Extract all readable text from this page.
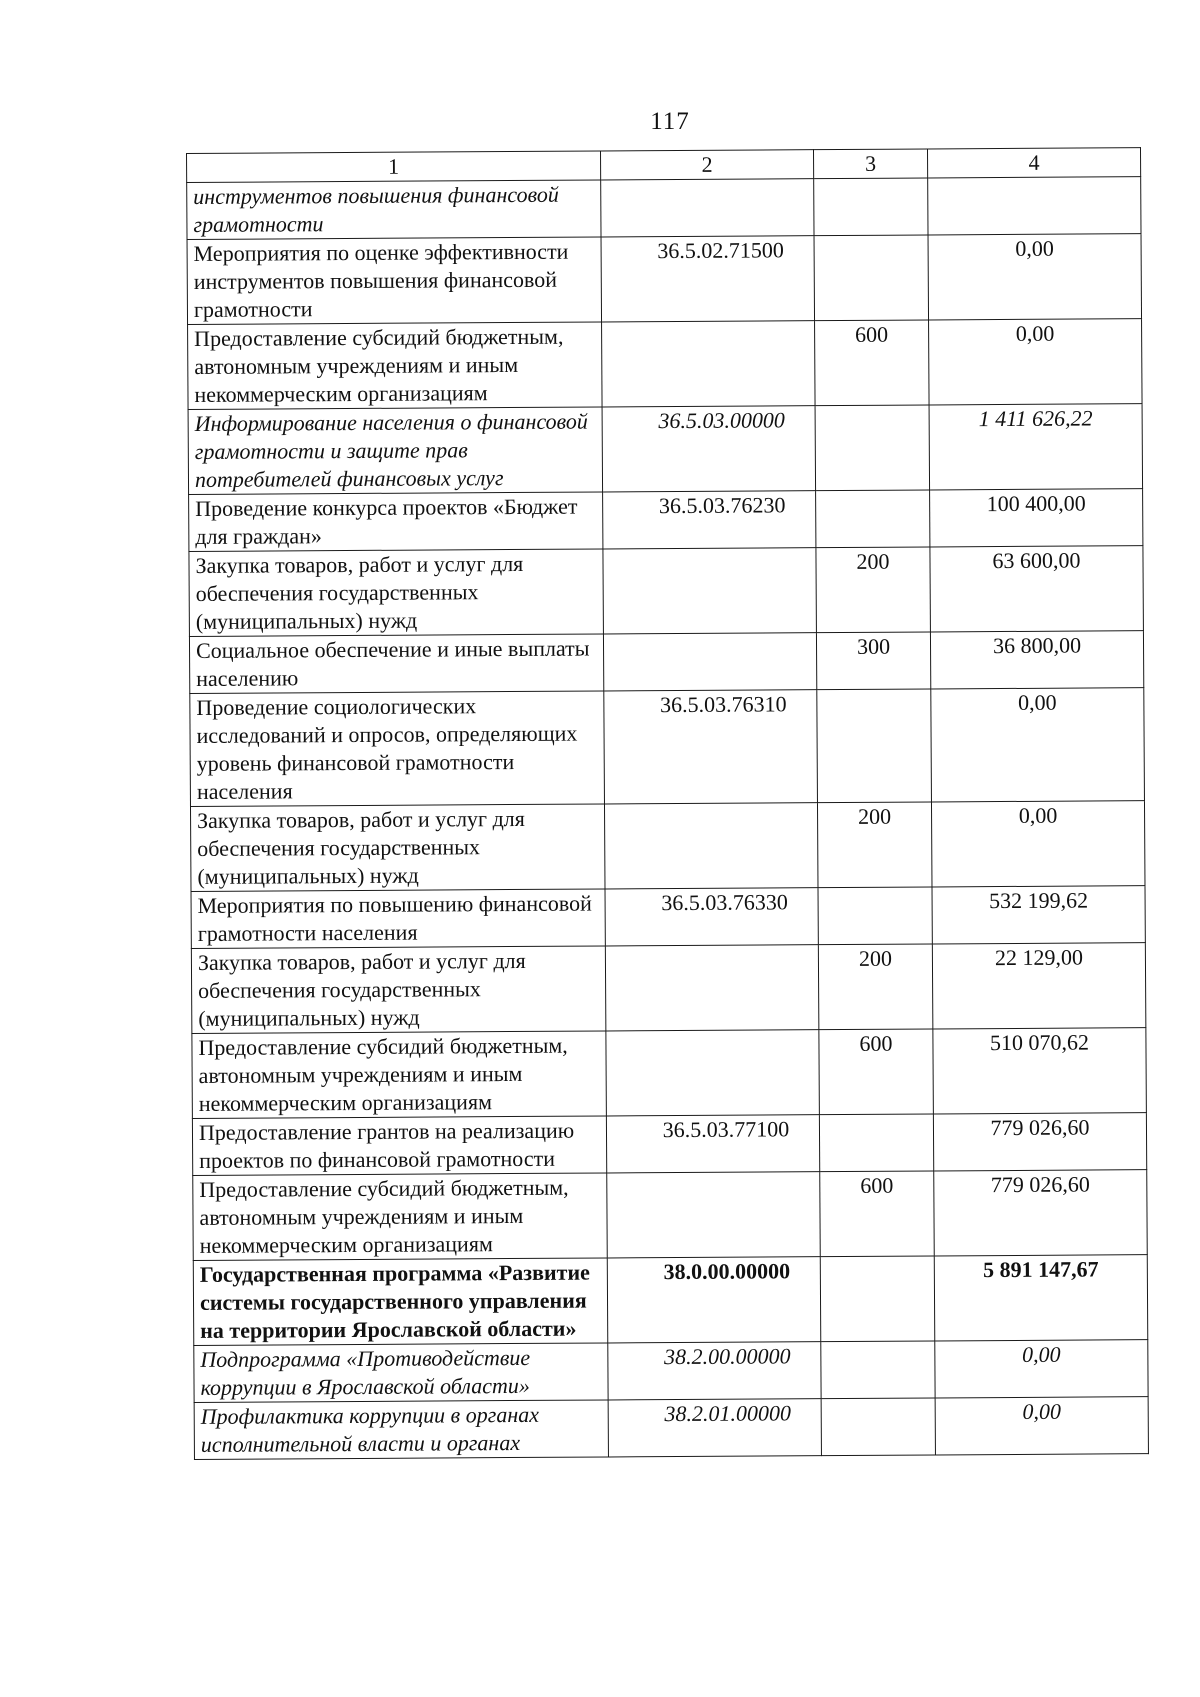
117
1	2	3	4
инструментов повышения финансовой грамотности			
Мероприятия по оценке эффективности инструментов повышения финансовой грамотности	36.5.02.71500		0,00
Предоставление субсидий бюджетным, автономным учреждениям и иным некоммерческим организациям		600	0,00
Информирование населения о финансовой грамотности и защите прав потребителей финансовых услуг	36.5.03.00000		1 411 626,22
Проведение конкурса проектов «Бюджет для граждан»	36.5.03.76230		100 400,00
Закупка товаров, работ и услуг для обеспечения государственных (муниципальных) нужд		200	63 600,00
Социальное обеспечение и иные выплаты населению		300	36 800,00
Проведение социологических исследований и опросов, определяющих уровень финансовой грамотности населения	36.5.03.76310		0,00
Закупка товаров, работ и услуг для обеспечения государственных (муниципальных) нужд		200	0,00
Мероприятия по повышению финансовой грамотности населения	36.5.03.76330		532 199,62
Закупка товаров, работ и услуг для обеспечения государственных (муниципальных) нужд		200	22 129,00
Предоставление субсидий бюджетным, автономным учреждениям и иным некоммерческим организациям		600	510 070,62
Предоставление грантов на реализацию проектов по финансовой грамотности	36.5.03.77100		779 026,60
Предоставление субсидий бюджетным, автономным учреждениям и иным некоммерческим организациям		600	779 026,60
Государственная программа «Развитие системы государственного управления на территории Ярославской области»	38.0.00.00000		5 891 147,67
Подпрограмма «Противодействие коррупции в Ярославской области»	38.2.00.00000		0,00
Профилактика коррупции в органах исполнительной власти и органах	38.2.01.00000		0,00
